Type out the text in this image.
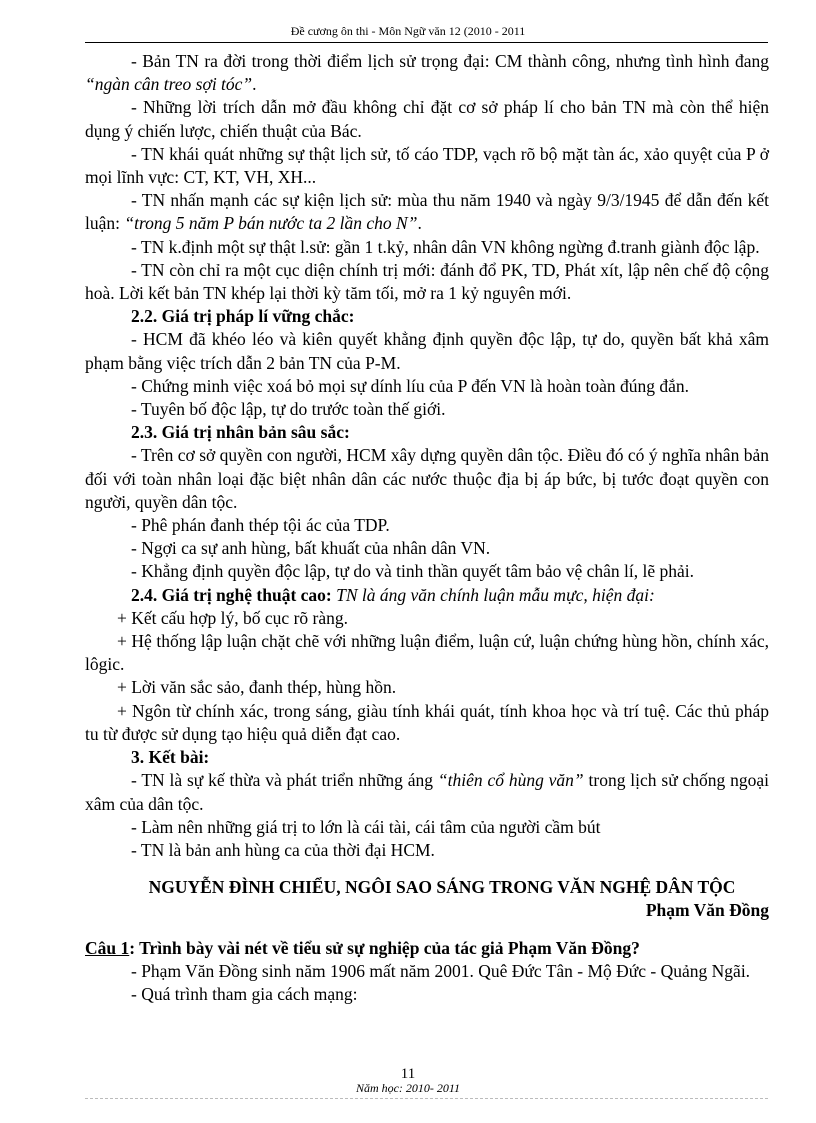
Đề cương ôn thi - Môn Ngữ văn 12 (2010 - 2011

- Bản TN ra đời trong thời điểm lịch sử trọng đại: CM thành công, nhưng tình hình đang “ngàn cân treo sợi tóc”.

- Những lời trích dẫn mở đầu không chỉ đặt cơ sở pháp lí cho bản TN mà còn thể hiện dụng ý chiến lược, chiến thuật của Bác.

- TN khái quát những sự thật lịch sử, tố cáo TDP, vạch rõ bộ mặt tàn ác, xảo quyệt của P ở mọi lĩnh vực: CT, KT, VH, XH...

- TN nhấn mạnh các sự kiện lịch sử: mùa thu năm 1940 và ngày 9/3/1945 để dẫn đến kết luận: “trong 5 năm P bán nước ta 2 lần cho N”.

- TN k.định một sự thật l.sử: gần 1 t.kỷ, nhân dân VN không ngừng đ.tranh giành độc lập.

- TN còn chỉ ra một cục diện chính trị mới: đánh đổ PK, TD, Phát xít, lập nên chế độ cộng hoà. Lời kết bản TN khép lại thời kỳ tăm tối, mở ra 1 kỷ nguyên mới.

2.2. Giá trị pháp lí vững chắc:

- HCM đã khéo léo và kiên quyết khẳng định quyền độc lập, tự do, quyền bất khả xâm phạm bằng việc trích dẫn 2 bản TN của P-M.

- Chứng minh việc xoá bỏ mọi sự dính líu của P đến VN là hoàn toàn đúng đắn.

- Tuyên bố độc lập, tự do trước toàn thế giới.

2.3. Giá trị nhân bản sâu sắc:

- Trên cơ sở quyền con người, HCM xây dựng quyền dân tộc. Điều đó có ý nghĩa nhân bản đối với toàn nhân loại đặc biệt nhân dân các nước thuộc địa bị áp bức, bị tước đoạt quyền con người, quyền dân tộc.

- Phê phán đanh thép tội ác của TDP.

- Ngợi ca sự anh hùng, bất khuất của nhân dân VN.

- Khẳng định quyền độc lập, tự do và tinh thần quyết tâm bảo vệ chân lí, lẽ phải.

2.4. Giá trị nghệ thuật cao: TN là áng văn chính luận mẫu mực, hiện đại:

+ Kết cấu hợp lý, bố cục rõ ràng.

+ Hệ thống lập luận chặt chẽ với những luận điểm, luận cứ, luận chứng hùng hồn, chính xác, lôgic.

+ Lời văn sắc sảo, đanh thép, hùng hồn.

+ Ngôn từ chính xác, trong sáng, giàu tính khái quát, tính khoa học và trí tuệ. Các thủ pháp tu từ được sử dụng tạo hiệu quả diễn đạt cao.

3. Kết bài:

- TN là sự kế thừa và phát triển những áng “thiên cổ hùng văn” trong lịch sử chống ngoại xâm của dân tộc.

- Làm nên những giá trị to lớn là cái tài, cái tâm của người cầm bút

- TN là bản anh hùng ca của thời đại HCM.

NGUYỄN ĐÌNH CHIỂU, NGÔI SAO SÁNG TRONG VĂN NGHỆ DÂN TỘC
Phạm Văn Đồng
Câu 1: Trình bày vài nét về tiểu sử sự nghiệp của tác giả Phạm Văn Đồng?

- Phạm Văn Đồng sinh năm 1906 mất năm 2001. Quê Đức Tân - Mộ Đức - Quảng Ngãi.

- Quá trình tham gia cách mạng:

11
Năm học: 2010- 2011
